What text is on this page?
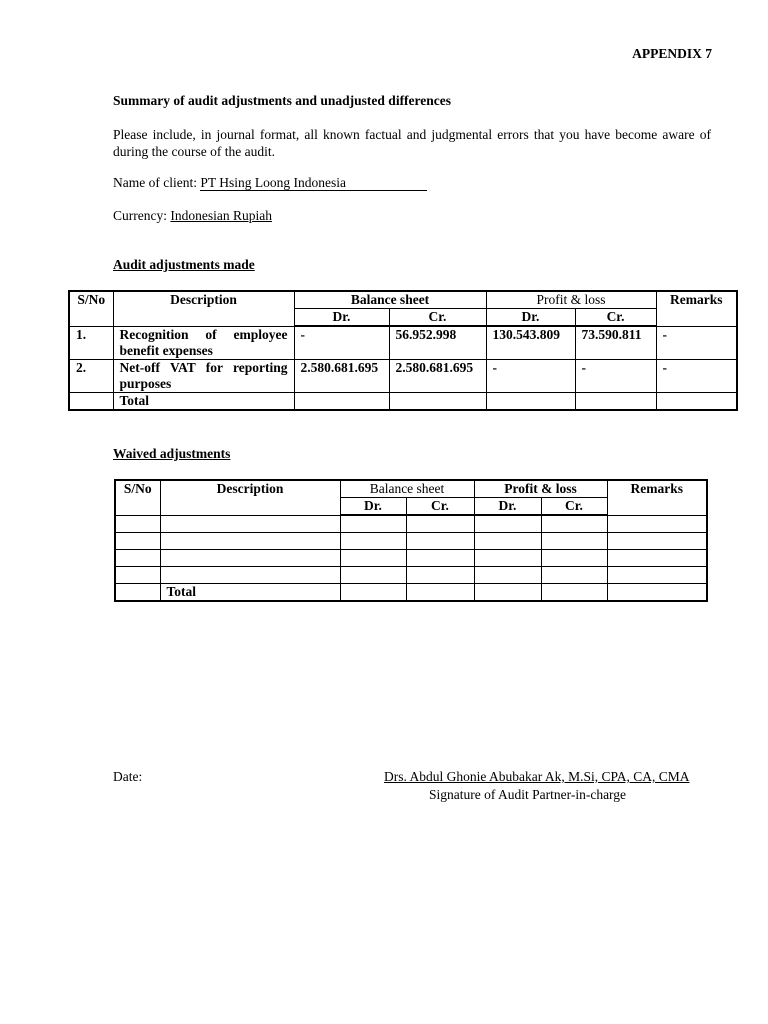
APPENDIX 7
Summary of audit adjustments and unadjusted differences
Please include, in journal format, all known factual and judgmental errors that you have become aware of during the course of the audit.
Name of client: PT Hsing Loong Indonesia
Currency: Indonesian Rupiah
Audit adjustments made
S/No	Description	Balance sheet		Profit & loss		Remarks
		Dr.	Cr.	Dr.	Cr.	
1.	Recognition of employee benefit expenses	-	56.952.998	130.543.809	73.590.811	-
2.	Net-off VAT for reporting purposes	2.580.681.695	2.580.681.695	-	-	-
	Total					
Waived adjustments
S/No	Description	Balance sheet		Profit & loss		Remarks
		Dr.	Cr.	Dr.	Cr.	

	Total					
Date:	Drs. Abdul Ghonie Abubakar Ak, M.Si, CPA, CA, CMA
Signature of Audit Partner-in-charge
